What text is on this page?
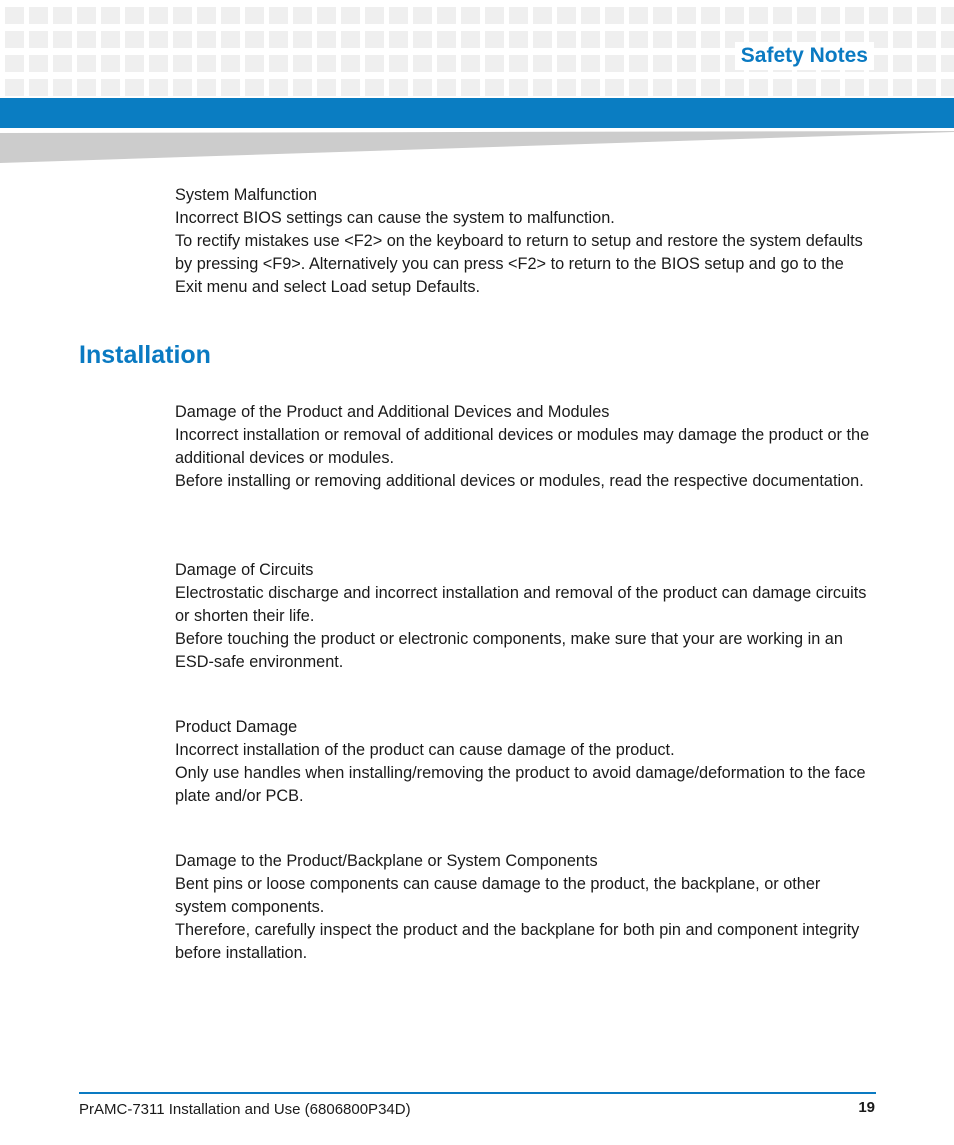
Safety Notes

System Malfunction

Incorrect BIOS settings can cause the system to malfunction.

To rectify mistakes use <F2> on the keyboard to return to setup and restore the system defaults by pressing <F9>. Alternatively you can press <F2> to return to the BIOS setup and go to the Exit menu and select Load setup Defaults.

Installation

Damage of the Product and Additional Devices and Modules

Incorrect installation or removal of additional devices or modules may damage the product or the additional devices or modules.

Before installing or removing additional devices or modules, read the respective documentation.

Damage of Circuits

Electrostatic discharge and incorrect installation and removal of the product can damage circuits or shorten their life.

Before touching the product or electronic components, make sure that your are working in an ESD-safe environment.

Product Damage

Incorrect installation of the product can cause damage of the product.

Only use handles when installing/removing the product to avoid damage/deformation to the face plate and/or PCB.

Damage to the Product/Backplane or System Components

Bent pins or loose components can cause damage to the product, the backplane, or other system components.

Therefore, carefully inspect the product and the backplane for both pin and component integrity before installation.

PrAMC-7311 Installation and Use (6806800P34D)	19
